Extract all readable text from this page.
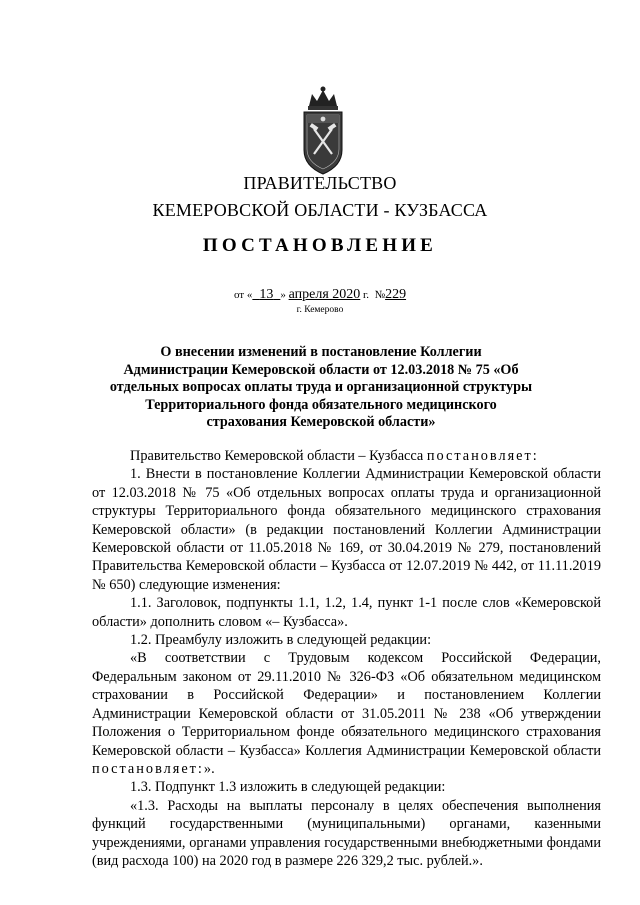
ПРАВИТЕЛЬСТВО
КЕМЕРОВСКОЙ ОБЛАСТИ - КУЗБАССА
ПОСТАНОВЛЕНИЕ
от « 13 » апреля 2020 г. №229
г. Кемерово
О внесении изменений в постановление Коллегии Администрации Кемеровской области от 12.03.2018 № 75 «Об отдельных вопросах оплаты труда и организационной структуры Территориального фонда обязательного медицинского страхования Кемеровской области»

Правительство Кемеровской области – Кузбасса постановляет:

1. Внести в постановление Коллегии Администрации Кемеровской области от 12.03.2018 № 75 «Об отдельных вопросах оплаты труда и организационной структуры Территориального фонда обязательного медицинского страхования Кемеровской области» (в редакции постановлений Коллегии Администрации Кемеровской области от 11.05.2018 № 169, от 30.04.2019 № 279, постановлений Правительства Кемеровской области – Кузбасса от 12.07.2019 № 442, от 11.11.2019 № 650) следующие изменения:

1.1. Заголовок, подпункты 1.1, 1.2, 1.4, пункт 1-1 после слов «Кемеровской области» дополнить словом «– Кузбасса».

1.2. Преамбулу изложить в следующей редакции:

«В соответствии с Трудовым кодексом Российской Федерации, Федеральным законом от 29.11.2010 № 326-ФЗ «Об обязательном медицинском страховании в Российской Федерации» и постановлением Коллегии Администрации Кемеровской области от 31.05.2011 № 238 «Об утверждении Положения о Территориальном фонде обязательного медицинского страхования Кемеровской области – Кузбасса» Коллегия Администрации Кемеровской области постановляет:».

1.3. Подпункт 1.3 изложить в следующей редакции:

«1.3. Расходы на выплаты персоналу в целях обеспечения выполнения функций государственными (муниципальными) органами, казенными учреждениями, органами управления государственными внебюджетными фондами (вид расхода 100) на 2020 год в размере 226 329,2 тыс. рублей.».
